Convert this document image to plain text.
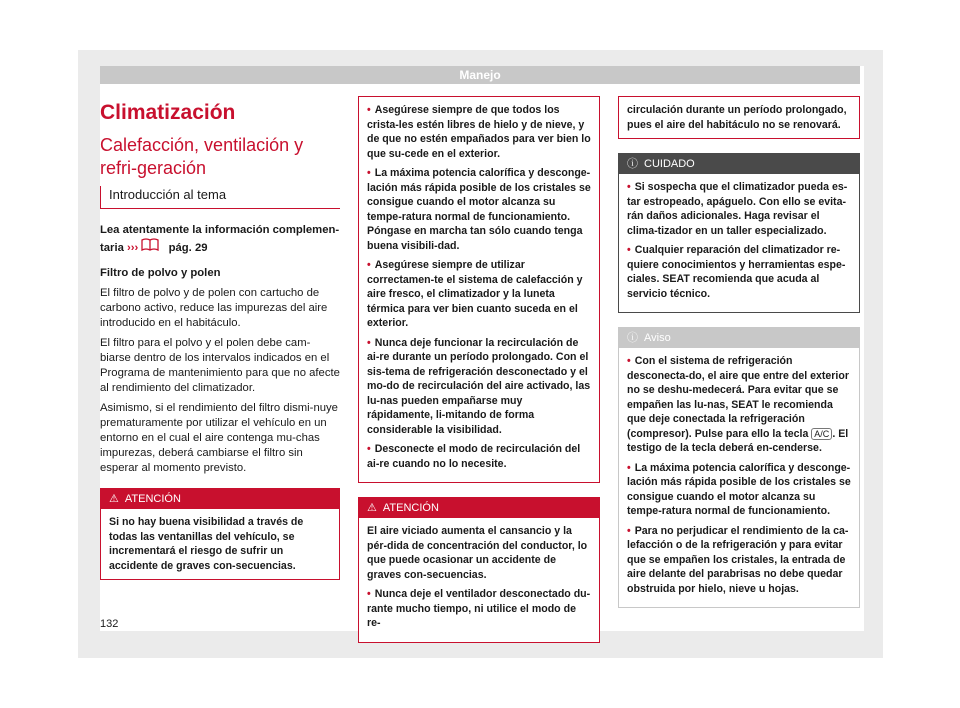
Manejo
Climatización
Calefacción, ventilación y refri-geración
Introducción al tema

Lea atentamente la información complemen-taria ›››	pág. 29

Filtro de polvo y polen

El filtro de polvo y de polen con cartucho de carbono activo, reduce las impurezas del aire introducido en el habitáculo.

El filtro para el polvo y el polen debe cam-biarse dentro de los intervalos indicados en el Programa de mantenimiento para que no afecte al rendimiento del climatizador.

Asimismo, si el rendimiento del filtro dismi-nuye prematuramente por utilizar el vehículo en un entorno en el cual el aire contenga mu-chas impurezas, deberá cambiarse el filtro sin esperar al momento previsto.

⚠ ATENCIÓN
Si no hay buena visibilidad a través de todas las ventanillas del vehículo, se incrementará el riesgo de sufrir un accidente de graves con-secuencias.

• Asegúrese siempre de que todos los crista-les estén libres de hielo y de nieve, y de que no estén empañados para ver bien lo que su-cede en el exterior.

• La máxima potencia calorífica y desconge-lación más rápida posible de los cristales se consigue cuando el motor alcanza su tempe-ratura normal de funcionamiento. Póngase en marcha tan sólo cuando tenga buena visibili-dad.

• Asegúrese siempre de utilizar correctamen-te el sistema de calefacción y aire fresco, el climatizador y la luneta térmica para ver bien cuanto suceda en el exterior.

• Nunca deje funcionar la recirculación de ai-re durante un período prolongado. Con el sis-tema de refrigeración desconectado y el mo-do de recirculación del aire activado, las lu-nas pueden empañarse muy rápidamente, li-mitando de forma considerable la visibilidad.

• Desconecte el modo de recirculación del ai-re cuando no lo necesite.

⚠ ATENCIÓN

El aire viciado aumenta el cansancio y la pér-dida de concentración del conductor, lo que puede ocasionar un accidente de graves con-secuencias.

• Nunca deje el ventilador desconectado du-rante mucho tiempo, ni utilice el modo de re-

circulación durante un período prolongado, pues el aire del habitáculo no se renovará.
ⓘ CUIDADO

• Si sospecha que el climatizador pueda es-tar estropeado, apáguelo. Con ello se evita-rán daños adicionales. Haga revisar el clima-tizador en un taller especializado.

• Cualquier reparación del climatizador re-quiere conocimientos y herramientas espe-ciales. SEAT recomienda que acuda al servicio técnico.

ⓘ Aviso

• Con el sistema de refrigeración desconecta-do, el aire que entre del exterior no se deshu-medecerá. Para evitar que se empañen las lu-nas, SEAT le recomienda que deje conectada la refrigeración (compresor). Pulse para ello la tecla A/C . El testigo de la tecla deberá en-cenderse.

• La máxima potencia calorífica y desconge-lación más rápida posible de los cristales se consigue cuando el motor alcanza su tempe-ratura normal de funcionamiento.

• Para no perjudicar el rendimiento de la ca-lefacción o de la refrigeración y para evitar que se empañen los cristales, la entrada de aire delante del parabrisas no debe quedar obstruida por hielo, nieve u hojas.

132
